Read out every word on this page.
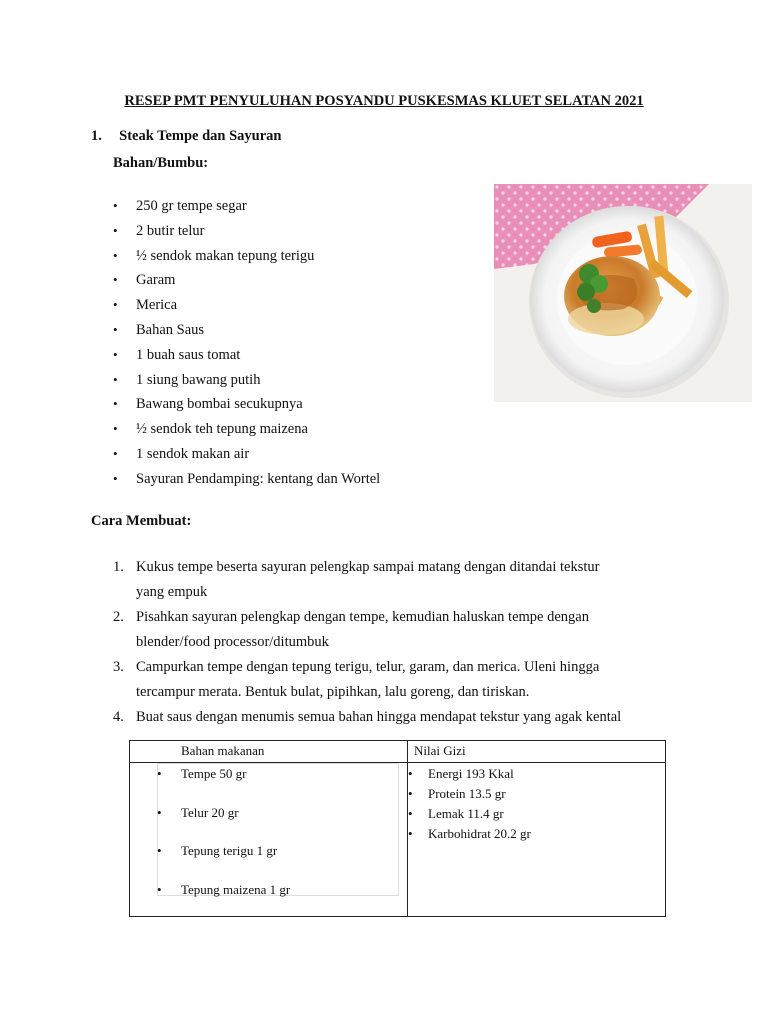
RESEP PMT PENYULUHAN POSYANDU PUSKESMAS KLUET SELATAN 2021
1. Steak Tempe dan Sayuran
Bahan/Bumbu:
• 250 gr tempe segar
• 2 butir telur
• ½ sendok makan tepung terigu
• Garam
• Merica
• Bahan Saus
• 1 buah saus tomat
• 1 siung bawang putih
• Bawang bombai secukupnya
• ½ sendok teh tepung maizena
• 1 sendok makan air
• Sayuran Pendamping: kentang dan Wortel
Cara Membuat:
1. Kukus tempe beserta sayuran pelengkap sampai matang dengan ditandai tekstur
yang empuk
2. Pisahkan sayuran pelengkap dengan tempe, kemudian haluskan tempe dengan
blender/food processor/ditumbuk
3. Campurkan tempe dengan tepung terigu, telur, garam, dan merica. Uleni hingga
tercampur merata. Bentuk bulat, pipihkan, lalu goreng, dan tiriskan.
4. Buat saus dengan menumis semua bahan hingga mendapat tekstur yang agak kental
Bahan makanan	Nilai Gizi
• Tempe 50 gr
• Telur 20 gr
• Tepung terigu 1 gr
• Tepung maizena 1 gr
• Energi 193 Kkal
• Protein 13.5 gr
• Lemak 11.4 gr
• Karbohidrat 20.2 gr
